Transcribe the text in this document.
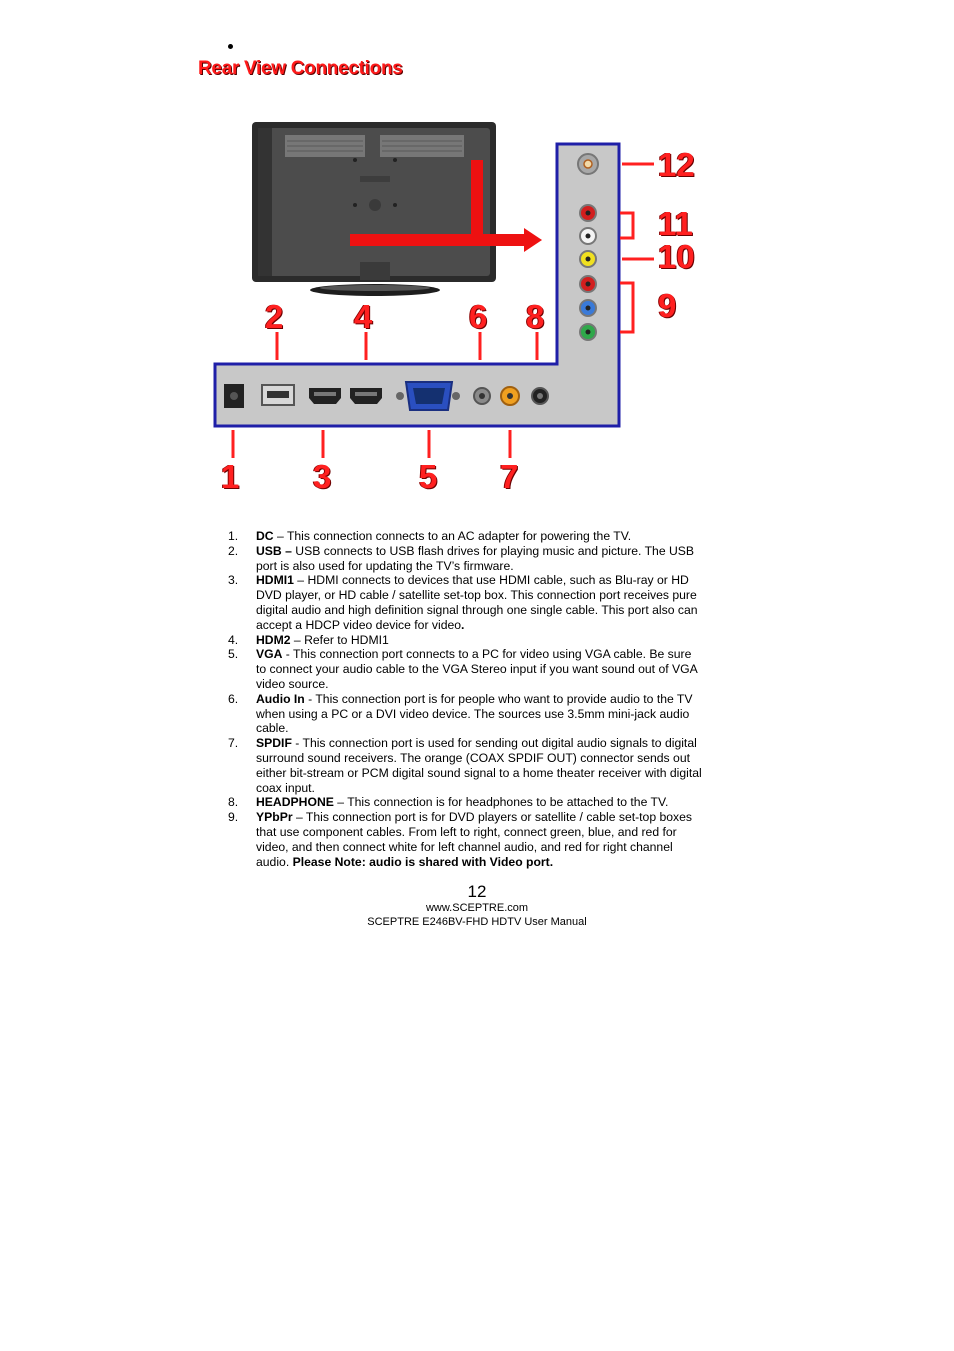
Rear View Connections
1
2
3
4
5
6
7
8	9
10
11
12
1. DC – This connection connects to an AC adapter for powering the TV.
2. USB – USB connects to USB flash drives for playing music and picture. The USB port is also used for updating the TV’s firmware.
3. HDMI1 – HDMI connects to devices that use HDMI cable, such as Blu-ray or HD DVD player, or HD cable / satellite set-top box. This connection port receives pure digital audio and high definition signal through one single cable. This port also can accept a HDCP video device for video.
4. HDM2 – Refer to HDMI1
5. VGA - This connection port connects to a PC for video using VGA cable. Be sure to connect your audio cable to the VGA Stereo input if you want sound out of VGA video source.
6. Audio In - This connection port is for people who want to provide audio to the TV when using a PC or a DVI video device. The sources use 3.5mm mini-jack audio cable.
7. SPDIF - This connection port is used for sending out digital audio signals to digital surround sound receivers. The orange (COAX SPDIF OUT) connector sends out either bit-stream or PCM digital sound signal to a home theater receiver with digital coax input.
8. HEADPHONE – This connection is for headphones to be attached to the TV.
9. YPbPr – This connection port is for DVD players or satellite / cable set-top boxes that use component cables. From left to right, connect green, blue, and red for video, and then connect white for left channel audio, and red for right channel audio. Please Note: audio is shared with Video port.
12
www.SCEPTRE.com
SCEPTRE E246BV-FHD HDTV User Manual
